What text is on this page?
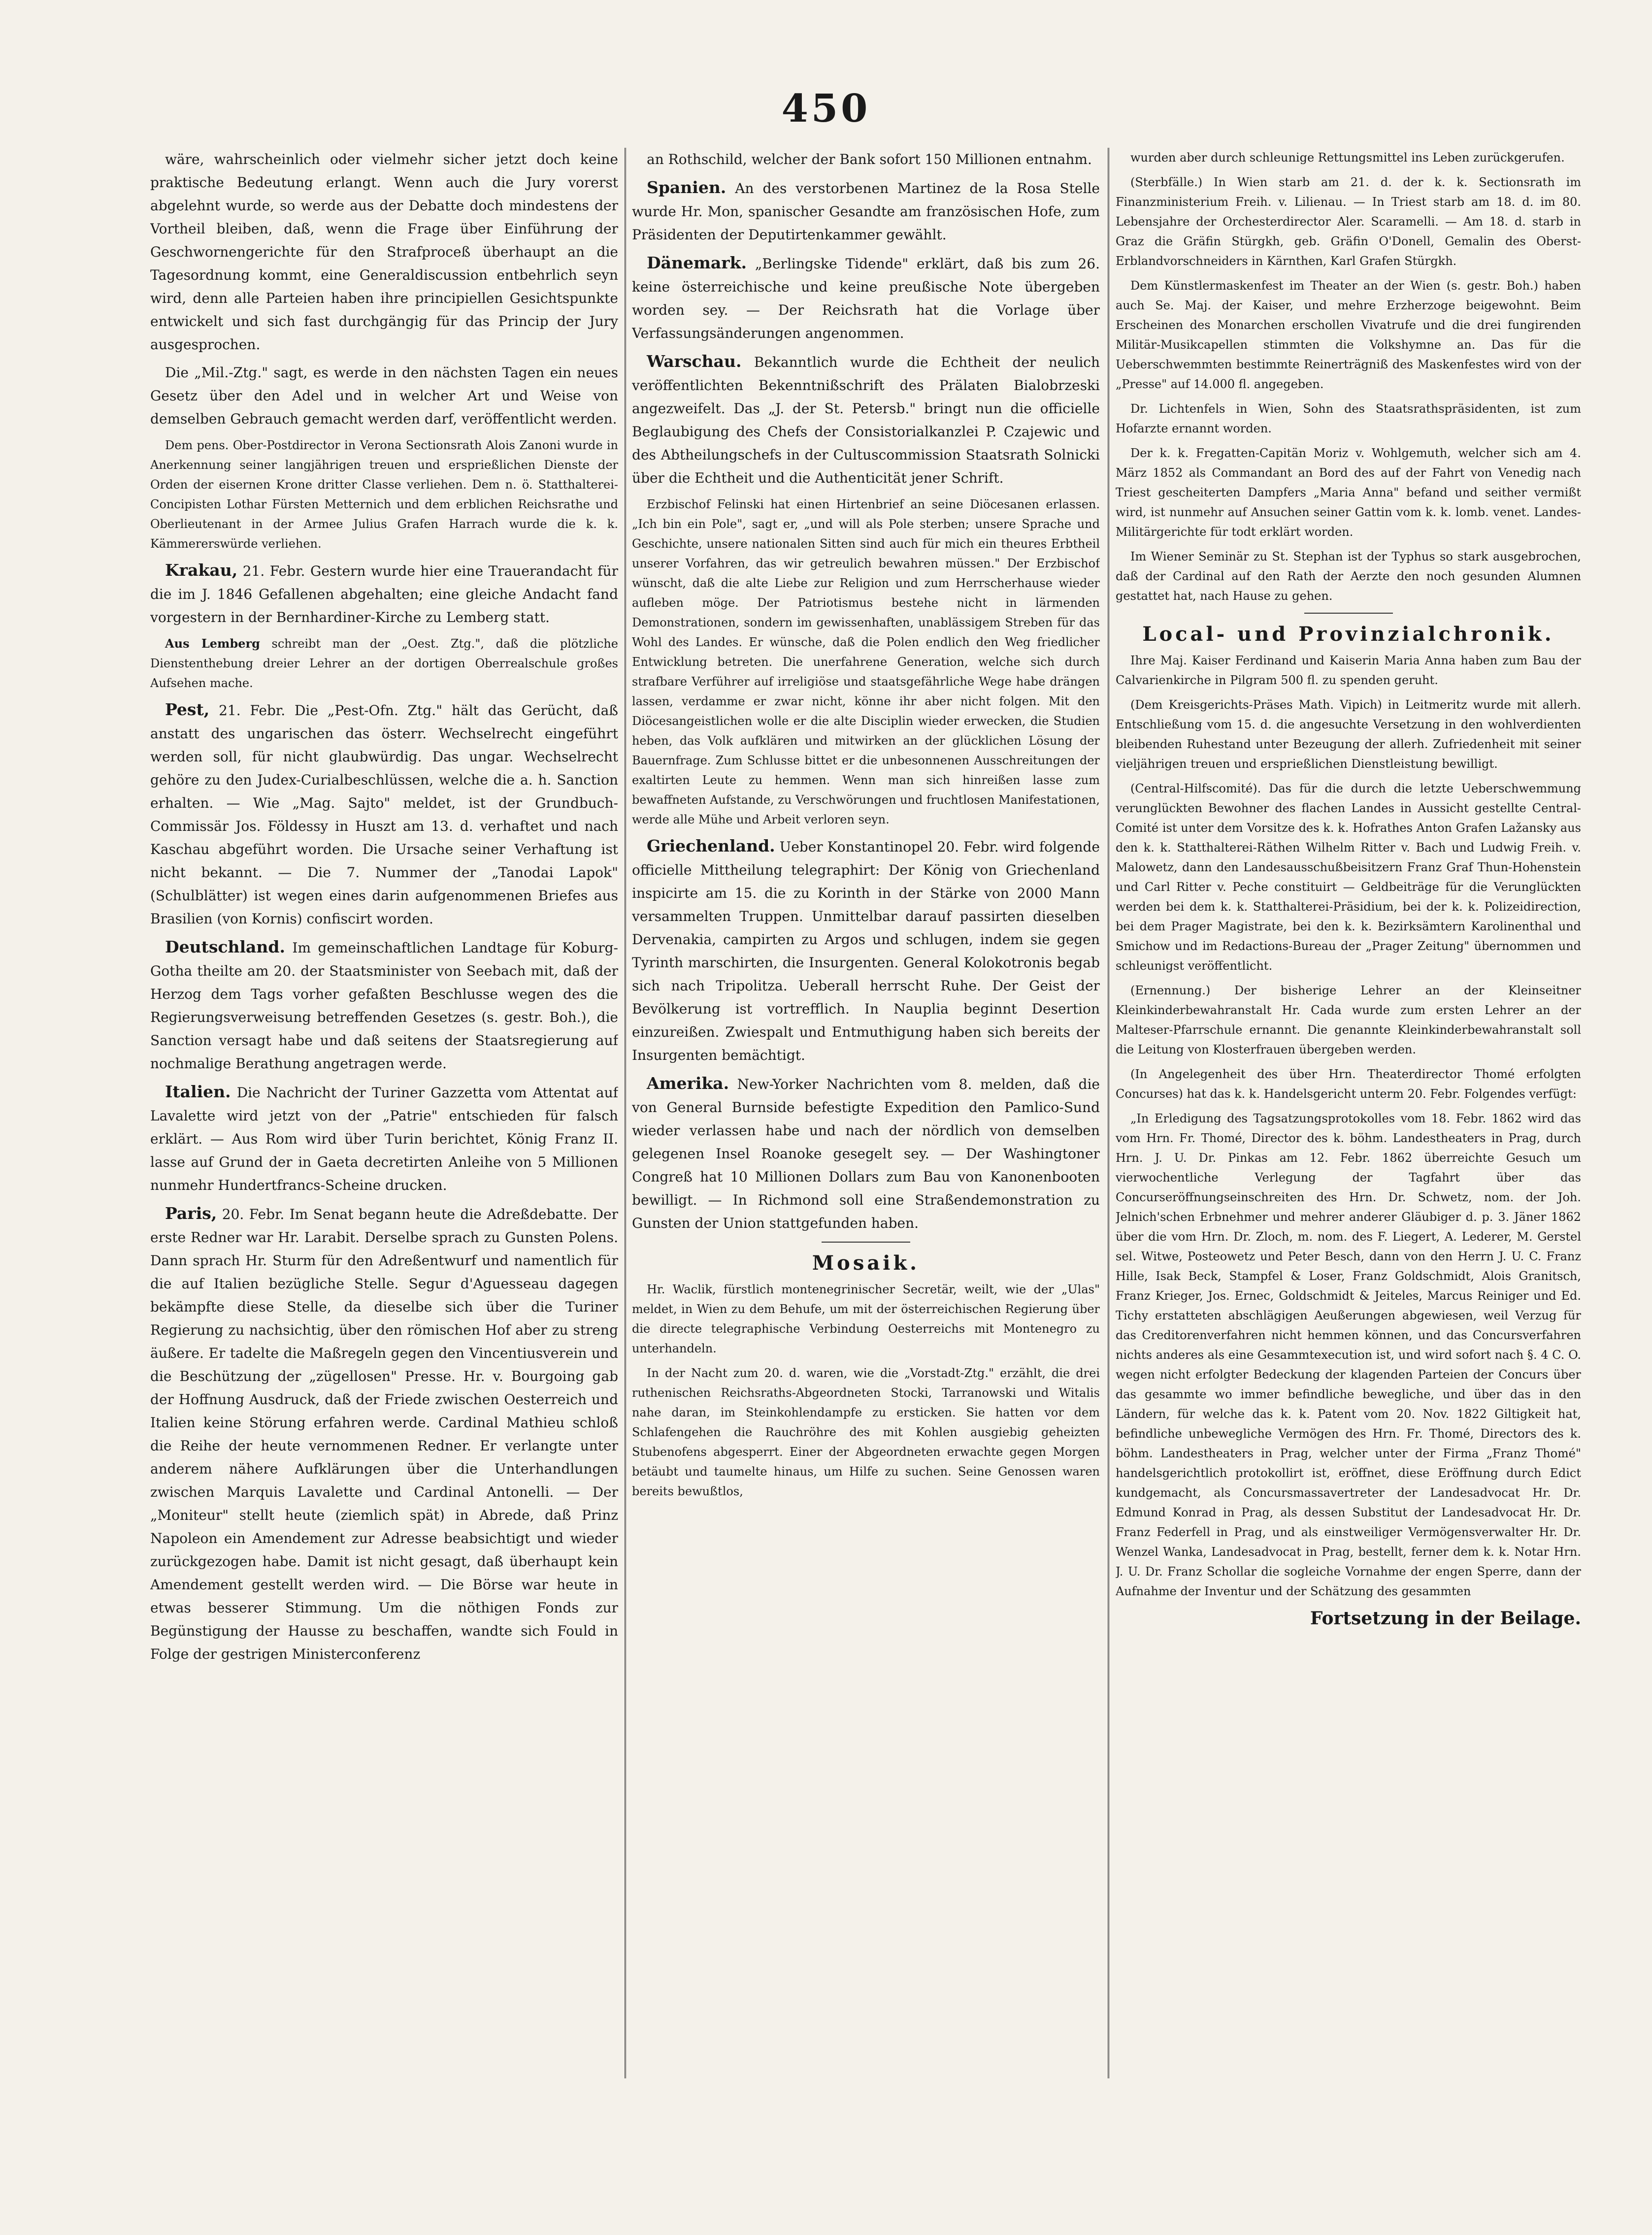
450

wäre, wahrscheinlich oder vielmehr sicher jetzt doch keine praktische Bedeutung erlangt. Wenn auch die Jury vorerst abgelehnt wurde, so werde aus der Debatte doch mindestens der Vortheil bleiben, daß, wenn die Frage über Einführung der Geschwornengerichte für den Strafproceß überhaupt an die Tagesordnung kommt, eine Generaldiscussion entbehrlich seyn wird, denn alle Parteien haben ihre principiellen Gesichtspunkte entwickelt und sich fast durchgängig für das Princip der Jury ausgesprochen.

Die „Mil.-Ztg." sagt, es werde in den nächsten Tagen ein neues Gesetz über den Adel und in welcher Art und Weise von demselben Gebrauch gemacht werden darf, veröffentlicht werden.

Dem pens. Ober-Postdirector in Verona Sectionsrath Alois Zanoni wurde in Anerkennung seiner langjährigen treuen und ersprießlichen Dienste der Orden der eisernen Krone dritter Classe verliehen. Dem n. ö. Statthalterei-Concipisten Lothar Fürsten Metternich und dem erblichen Reichsrathe und Oberlieutenant in der Armee Julius Grafen Harrach wurde die k. k. Kämmererswürde verliehen.

Krakau, 21. Febr. Gestern wurde hier eine Trauerandacht für die im J. 1846 Gefallenen abgehalten; eine gleiche Andacht fand vorgestern in der Bernhardiner-Kirche zu Lemberg statt.

Aus Lemberg schreibt man der „Oest. Ztg.", daß die plötzliche Dienstenthebung dreier Lehrer an der dortigen Oberrealschule großes Aufsehen mache.

Pest, 21. Febr. Die „Pest-Ofn. Ztg." hält das Gerücht, daß anstatt des ungarischen das österr. Wechselrecht eingeführt werden soll, für nicht glaubwürdig. Das ungar. Wechselrecht gehöre zu den Judex-Curialbeschlüssen, welche die a. h. Sanction erhalten. — Wie „Mag. Sajto" meldet, ist der Grundbuch-Commissär Jos. Földessy in Huszt am 13. d. verhaftet und nach Kaschau abgeführt worden. Die Ursache seiner Verhaftung ist nicht bekannt. — Die 7. Nummer der „Tanodai Lapok" (Schulblätter) ist wegen eines darin aufgenommenen Briefes aus Brasilien (von Kornis) confiscirt worden.

Deutschland. Im gemeinschaftlichen Landtage für Koburg-Gotha theilte am 20. der Staatsminister von Seebach mit, daß der Herzog dem Tags vorher gefaßten Beschlusse wegen des die Regierungsverweisung betreffenden Gesetzes (s. gestr. Boh.), die Sanction versagt habe und daß seitens der Staatsregierung auf nochmalige Berathung angetragen werde.

Italien. Die Nachricht der Turiner Gazzetta vom Attentat auf Lavalette wird jetzt von der „Patrie" entschieden für falsch erklärt. — Aus Rom wird über Turin berichtet, König Franz II. lasse auf Grund der in Gaeta decretirten Anleihe von 5 Millionen nunmehr Hundertfrancs-Scheine drucken.

Paris, 20. Febr. Im Senat begann heute die Adreßdebatte. Der erste Redner war Hr. Larabit. Derselbe sprach zu Gunsten Polens. Dann sprach Hr. Sturm für den Adreßentwurf und namentlich für die auf Italien bezügliche Stelle. Segur d'Aguesseau dagegen bekämpfte diese Stelle, da dieselbe sich über die Turiner Regierung zu nachsichtig, über den römischen Hof aber zu streng äußere. Er tadelte die Maßregeln gegen den Vincentiusverein und die Beschützung der „zügellosen" Presse. Hr. v. Bourgoing gab der Hoffnung Ausdruck, daß der Friede zwischen Oesterreich und Italien keine Störung erfahren werde. Cardinal Mathieu schloß die Reihe der heute vernommenen Redner. Er verlangte unter anderem nähere Aufklärungen über die Unterhandlungen zwischen Marquis Lavalette und Cardinal Antonelli. — Der „Moniteur" stellt heute (ziemlich spät) in Abrede, daß Prinz Napoleon ein Amendement zur Adresse beabsichtigt und wieder zurückgezogen habe. Damit ist nicht gesagt, daß überhaupt kein Amendement gestellt werden wird. — Die Börse war heute in etwas besserer Stimmung. Um die nöthigen Fonds zur Begünstigung der Hausse zu beschaffen, wandte sich Fould in Folge der gestrigen Ministerconferenz

an Rothschild, welcher der Bank sofort 150 Millionen entnahm.

Spanien. An des verstorbenen Martinez de la Rosa Stelle wurde Hr. Mon, spanischer Gesandte am französischen Hofe, zum Präsidenten der Deputirtenkammer gewählt.

Dänemark. „Berlingske Tidende" erklärt, daß bis zum 26. keine österreichische und keine preußische Note übergeben worden sey. — Der Reichsrath hat die Vorlage über Verfassungsänderungen angenommen.

Warschau. Bekanntlich wurde die Echtheit der neulich veröffentlichten Bekenntnißschrift des Prälaten Bialobrzeski angezweifelt. Das „J. der St. Petersb." bringt nun die officielle Beglaubigung des Chefs der Consistorialkanzlei P. Czajewic und des Abtheilungschefs in der Cultuscommission Staatsrath Solnicki über die Echtheit und die Authenticität jener Schrift.

Erzbischof Felinski hat einen Hirtenbrief an seine Diöcesanen erlassen. „Ich bin ein Pole", sagt er, „und will als Pole sterben; unsere Sprache und Geschichte, unsere nationalen Sitten sind auch für mich ein theures Erbtheil unserer Vorfahren, das wir getreulich bewahren müssen." Der Erzbischof wünscht, daß die alte Liebe zur Religion und zum Herrscherhause wieder aufleben möge. Der Patriotismus bestehe nicht in lärmenden Demonstrationen, sondern im gewissenhaften, unablässigem Streben für das Wohl des Landes. Er wünsche, daß die Polen endlich den Weg friedlicher Entwicklung betreten. Die unerfahrene Generation, welche sich durch strafbare Verführer auf irreligiöse und staatsgefährliche Wege habe drängen lassen, verdamme er zwar nicht, könne ihr aber nicht folgen. Mit den Diöcesangeistlichen wolle er die alte Disciplin wieder erwecken, die Studien heben, das Volk aufklären und mitwirken an der glücklichen Lösung der Bauernfrage. Zum Schlusse bittet er die unbesonnenen Ausschreitungen der exaltirten Leute zu hemmen. Wenn man sich hinreißen lasse zum bewaffneten Aufstande, zu Verschwörungen und fruchtlosen Manifestationen, werde alle Mühe und Arbeit verloren seyn.

Griechenland. Ueber Konstantinopel 20. Febr. wird folgende officielle Mittheilung telegraphirt: Der König von Griechenland inspicirte am 15. die zu Korinth in der Stärke von 2000 Mann versammelten Truppen. Unmittelbar darauf passirten dieselben Dervenakia, campirten zu Argos und schlugen, indem sie gegen Tyrinth marschirten, die Insurgenten. General Kolokotronis begab sich nach Tripolitza. Ueberall herrscht Ruhe. Der Geist der Bevölkerung ist vortrefflich. In Nauplia beginnt Desertion einzureißen. Zwiespalt und Entmuthigung haben sich bereits der Insurgenten bemächtigt.

Amerika. New-Yorker Nachrichten vom 8. melden, daß die von General Burnside befestigte Expedition den Pamlico-Sund wieder verlassen habe und nach der nördlich von demselben gelegenen Insel Roanoke gesegelt sey. — Der Washingtoner Congreß hat 10 Millionen Dollars zum Bau von Kanonenbooten bewilligt. — In Richmond soll eine Straßendemonstration zu Gunsten der Union stattgefunden haben.

Mosaik.

Hr. Waclik, fürstlich montenegrinischer Secretär, weilt, wie der „Ulas" meldet, in Wien zu dem Behufe, um mit der österreichischen Regierung über die directe telegraphische Verbindung Oesterreichs mit Montenegro zu unterhandeln.

In der Nacht zum 20. d. waren, wie die „Vorstadt-Ztg." erzählt, die drei ruthenischen Reichsraths-Abgeordneten Stocki, Tarranowski und Witalis nahe daran, im Steinkohlendampfe zu ersticken. Sie hatten vor dem Schlafengehen die Rauchröhre des mit Kohlen ausgiebig geheizten Stubenofens abgesperrt. Einer der Abgeordneten erwachte gegen Morgen betäubt und taumelte hinaus, um Hilfe zu suchen. Seine Genossen waren bereits bewußtlos,

wurden aber durch schleunige Rettungsmittel ins Leben zurückgerufen.

(Sterbfälle.) In Wien starb am 21. d. der k. k. Sectionsrath im Finanzministerium Freih. v. Lilienau. — In Triest starb am 18. d. im 80. Lebensjahre der Orchesterdirector Aler. Scaramelli. — Am 18. d. starb in Graz die Gräfin Stürgkh, geb. Gräfin O'Donell, Gemalin des Oberst-Erblandvorschneiders in Kärnthen, Karl Grafen Stürgkh.

Dem Künstlermaskenfest im Theater an der Wien (s. gestr. Boh.) haben auch Se. Maj. der Kaiser, und mehre Erzherzoge beigewohnt. Beim Erscheinen des Monarchen erschollen Vivatrufe und die drei fungirenden Militär-Musikcapellen stimmten die Volkshymne an. Das für die Ueberschwemmten bestimmte Reinerträgniß des Maskenfestes wird von der „Presse" auf 14.000 fl. angegeben.

Dr. Lichtenfels in Wien, Sohn des Staatsrathspräsidenten, ist zum Hofarzte ernannt worden.

Der k. k. Fregatten-Capitän Moriz v. Wohlgemuth, welcher sich am 4. März 1852 als Commandant an Bord des auf der Fahrt von Venedig nach Triest gescheiterten Dampfers „Maria Anna" befand und seither vermißt wird, ist nunmehr auf Ansuchen seiner Gattin vom k. k. lomb. venet. Landes-Militärgerichte für todt erklärt worden.

Im Wiener Seminär zu St. Stephan ist der Typhus so stark ausgebrochen, daß der Cardinal auf den Rath der Aerzte den noch gesunden Alumnen gestattet hat, nach Hause zu gehen.

Local- und Provinzialchronik.

Ihre Maj. Kaiser Ferdinand und Kaiserin Maria Anna haben zum Bau der Calvarienkirche in Pilgram 500 fl. zu spenden geruht.

(Dem Kreisgerichts-Präses Math. Vipich) in Leitmeritz wurde mit allerh. Entschließung vom 15. d. die angesuchte Versetzung in den wohlverdienten bleibenden Ruhestand unter Bezeugung der allerh. Zufriedenheit mit seiner vieljährigen treuen und ersprießlichen Dienstleistung bewilligt.

(Central-Hilfscomité). Das für die durch die letzte Ueberschwemmung verunglückten Bewohner des flachen Landes in Aussicht gestellte Central-Comité ist unter dem Vorsitze des k. k. Hofrathes Anton Grafen Lažansky aus den k. k. Statthalterei-Räthen Wilhelm Ritter v. Bach und Ludwig Freih. v. Malowetz, dann den Landesausschußbeisitzern Franz Graf Thun-Hohenstein und Carl Ritter v. Peche constituirt — Geldbeiträge für die Verunglückten werden bei dem k. k. Statthalterei-Präsidium, bei der k. k. Polizeidirection, bei dem Prager Magistrate, bei den k. k. Bezirksämtern Karolinenthal und Smichow und im Redactions-Bureau der „Prager Zeitung" übernommen und schleunigst veröffentlicht.

(Ernennung.) Der bisherige Lehrer an der Kleinseitner Kleinkinderbewahranstalt Hr. Cada wurde zum ersten Lehrer an der Malteser-Pfarrschule ernannt. Die genannte Kleinkinderbewahranstalt soll die Leitung von Klosterfrauen übergeben werden.

(In Angelegenheit des über Hrn. Theaterdirector Thomé erfolgten Concurses) hat das k. k. Handelsgericht unterm 20. Febr. Folgendes verfügt:

„In Erledigung des Tagsatzungsprotokolles vom 18. Febr. 1862 wird das vom Hrn. Fr. Thomé, Director des k. böhm. Landestheaters in Prag, durch Hrn. J. U. Dr. Pinkas am 12. Febr. 1862 überreichte Gesuch um vierwochentliche Verlegung der Tagfahrt über das Concurseröffnungseinschreiten des Hrn. Dr. Schwetz, nom. der Joh. Jelnich'schen Erbnehmer und mehrer anderer Gläubiger d. p. 3. Jäner 1862 über die vom Hrn. Dr. Zloch, m. nom. des F. Liegert, A. Lederer, M. Gerstel sel. Witwe, Posteowetz und Peter Besch, dann von den Herrn J. U. C. Franz Hille, Isak Beck, Stampfel & Loser, Franz Goldschmidt, Alois Granitsch, Franz Krieger, Jos. Ernec, Goldschmidt & Jeiteles, Marcus Reiniger und Ed. Tichy erstatteten abschlägigen Aeußerungen abgewiesen, weil Verzug für das Creditorenverfahren nicht hemmen können, und das Concursverfahren nichts anderes als eine Gesammtexecution ist, und wird sofort nach §. 4 C. O. wegen nicht erfolgter Bedeckung der klagenden Parteien der Concurs über das gesammte wo immer befindliche bewegliche, und über das in den Ländern, für welche das k. k. Patent vom 20. Nov. 1822 Giltigkeit hat, befindliche unbewegliche Vermögen des Hrn. Fr. Thomé, Directors des k. böhm. Landestheaters in Prag, welcher unter der Firma „Franz Thomé" handelsgerichtlich protokollirt ist, eröffnet, diese Eröffnung durch Edict kundgemacht, als Concursmassavertreter der Landesadvocat Hr. Dr. Edmund Konrad in Prag, als dessen Substitut der Landesadvocat Hr. Dr. Franz Federfell in Prag, und als einstweiliger Vermögensverwalter Hr. Dr. Wenzel Wanka, Landesadvocat in Prag, bestellt, ferner dem k. k. Notar Hrn. J. U. Dr. Franz Schollar die sogleiche Vornahme der engen Sperre, dann der Aufnahme der Inventur und der Schätzung des gesammten

Fortsetzung in der Beilage.
